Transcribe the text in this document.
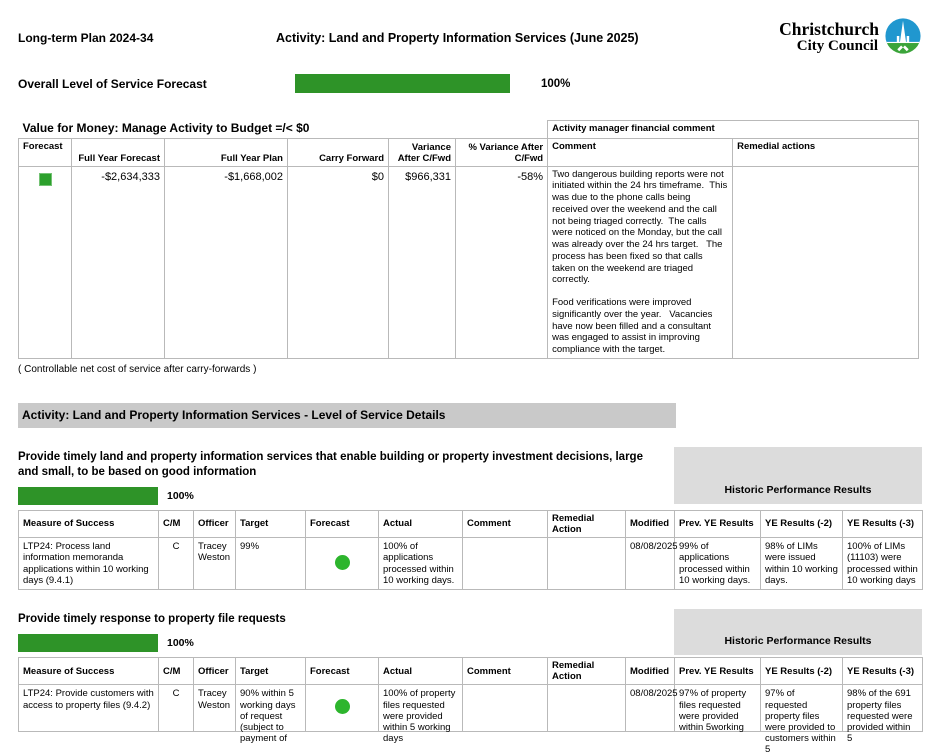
Long-term Plan 2024-34	Activity: Land and Property Information Services (June 2025)	Christchurch
City Council
Overall Level of Service Forecast	100%
Value for Money: Manage Activity to Budget =/< $0						Activity manager financial comment	
Forecast	Full Year Forecast	Full Year Plan	Carry Forward	Variance After C/Fwd	% Variance After C/Fwd	Comment	Remedial actions
	-$2,634,333	-$1,668,002	$0	$966,331	-58%	Two dangerous building reports were not initiated within the 24 hrs timeframe.  This was due to the phone calls being received over the weekend and the call not being triaged correctly.  The calls were noticed on the Monday, but the call was already over the 24 hrs target.   The process has been fixed so that calls taken on the weekend are triaged correctly.
Food verifications were improved significantly over the year.   Vacancies have now been filled and a consultant was engaged to assist in improving compliance with the target.	

( Controllable net cost of service after carry-forwards )
Activity: Land and Property Information Services - Level of Service Details
Historic Performance Results
Provide timely land and property information services that enable building or property investment decisions, large and small, to be based on good information
100%
Measure of Success	C/M	Officer	Target	Forecast	Actual	Comment	Remedial Action	Modified	Prev. YE Results	YE Results (-2)	YE Results (-3)
LTP24: Process land information memoranda applications within 10 working days (9.4.1)	C	Tracey Weston	99%		100% of applications processed within 10 working days.			08/08/2025	99% of applications processed within 10 working days.	98% of LIMs were issued within 10 working days.	100% of LIMs (11103) were processed within 10 working days
Historic Performance Results
Provide timely response to property file requests
100%
Measure of Success	C/M	Officer	Target	Forecast	Actual	Comment	Remedial Action	Modified	Prev. YE Results	YE Results (-2)	YE Results (-3)

LTP24: Provide customers with access to property files (9.4.2)	C	Tracey Weston	90% within 5 working days of request (subject to payment of		100% of property files requested were provided within 5 working days			08/08/2025	97% of property files requested were provided within 5working	97% of requested property files were provided to customers within 5	98% of the 691 property files requested were provided within 5
